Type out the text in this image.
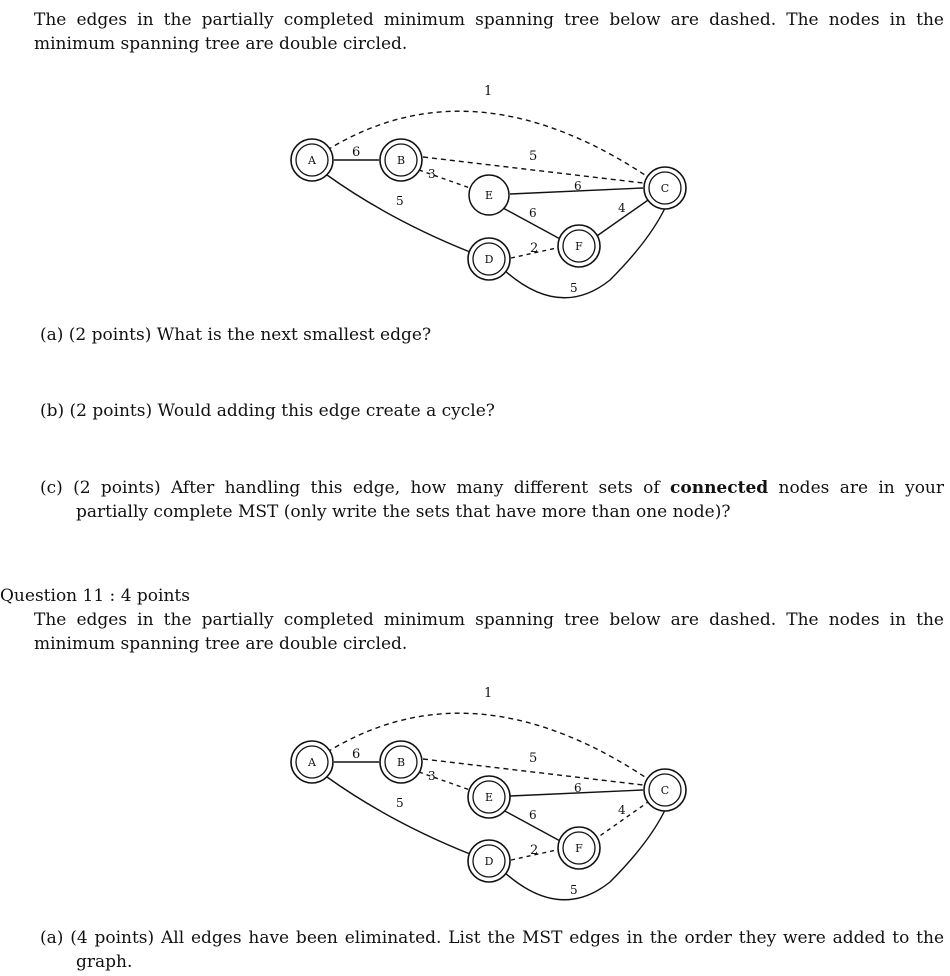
The edges in the partially completed minimum spanning tree below are dashed. The nodes in the
minimum spanning tree are double circled.
1
6	5
3
5
6
6
2
4
5
A	B
C
E
D
F
(a) (2 points) What is the next smallest edge?
(b) (2 points) Would adding this edge create a cycle?
(c) (2 points) After handling this edge, how many different sets of connected nodes are in your
partially complete MST (only write the sets that have more than one node)?
Question 11 : 4 points
The edges in the partially completed minimum spanning tree below are dashed. The nodes in the
minimum spanning tree are double circled.
1
6	5
3
5
6
6
2
4
5
A	B
C
E
D
F
(a) (4 points) All edges have been eliminated. List the MST edges in the order they were added to the
graph.
